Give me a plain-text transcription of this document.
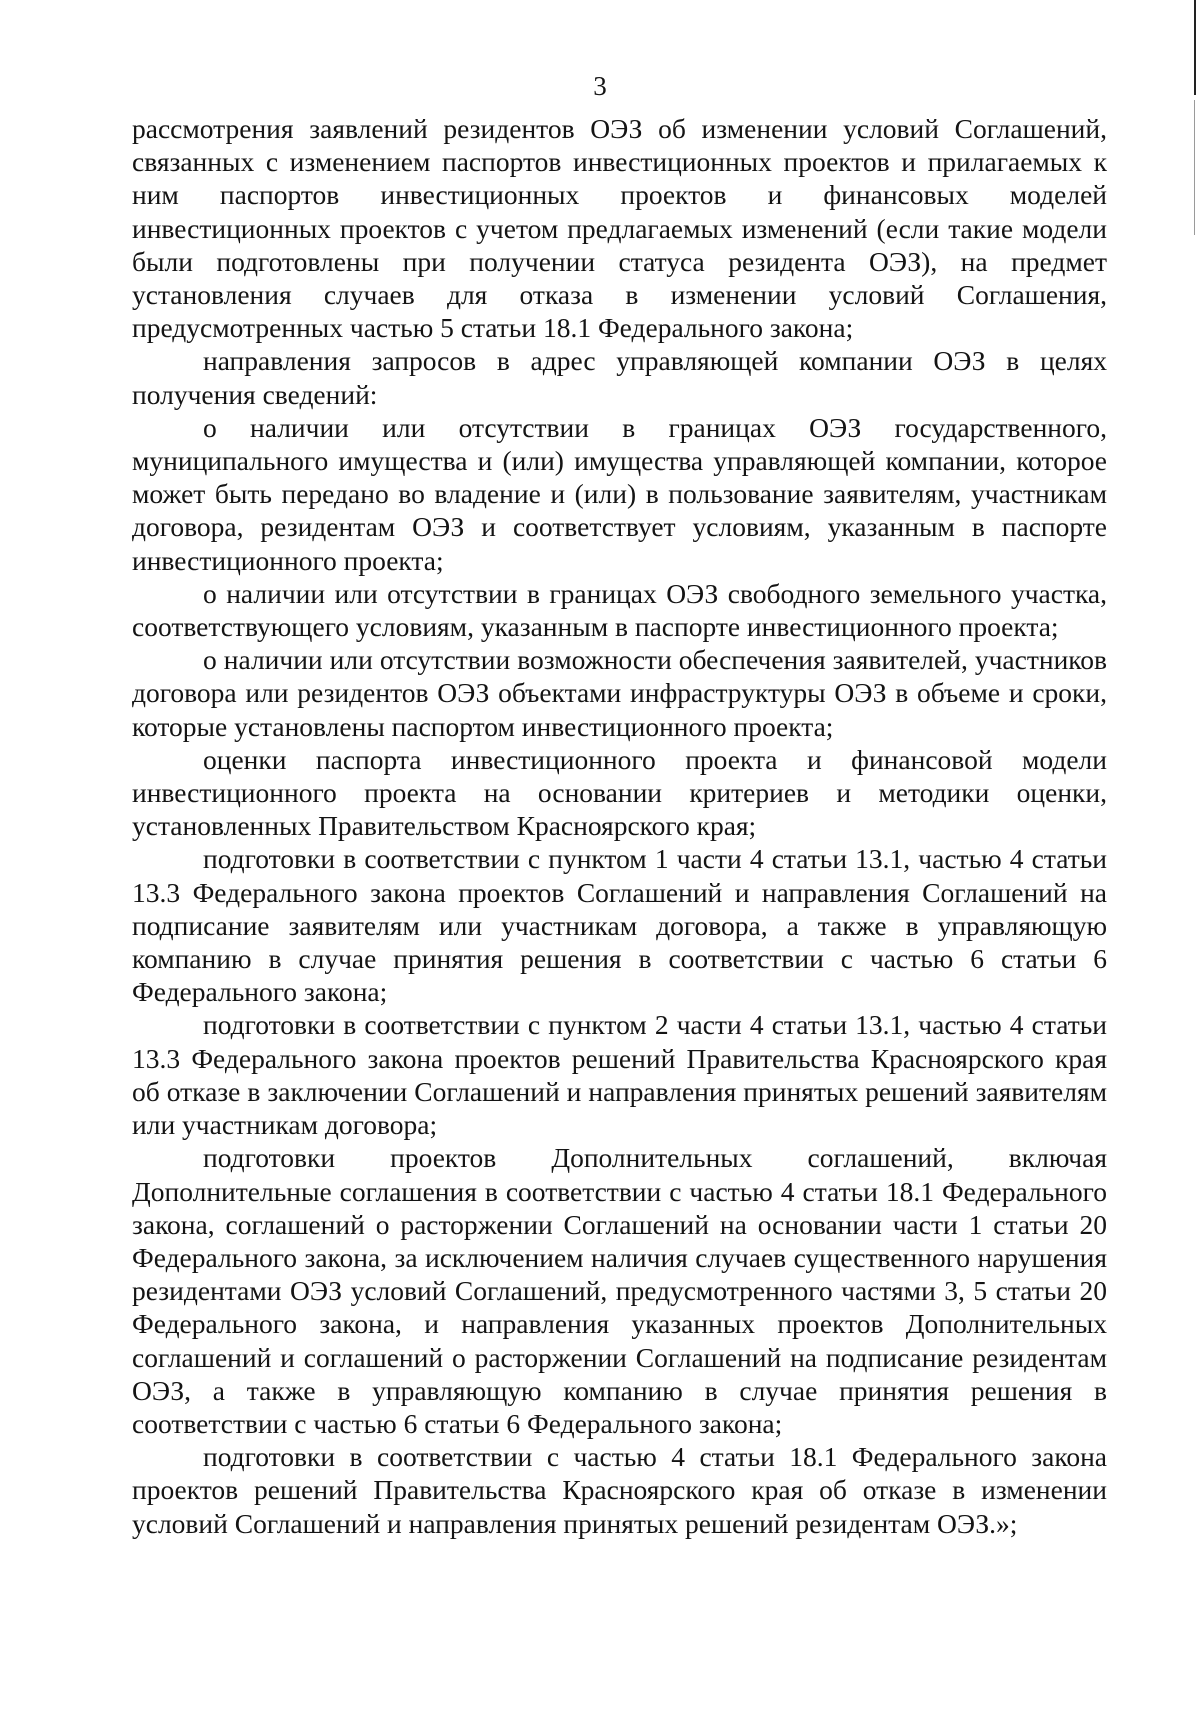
3

рассмотрения заявлений резидентов ОЭЗ об изменении условий Соглашений, связанных с изменением паспортов инвестиционных проектов и прилагаемых к ним паспортов инвестиционных проектов и финансовых моделей инвестиционных проектов с учетом предлагаемых изменений (если такие модели были подготовлены при получении статуса резидента ОЭЗ), на предмет установления случаев для отказа в изменении условий Соглашения, предусмотренных частью 5 статьи 18.1 Федерального закона;

направления запросов в адрес управляющей компании ОЭЗ в целях получения сведений:

о наличии или отсутствии в границах ОЭЗ государственного, муниципального имущества и (или) имущества управляющей компании, которое может быть передано во владение и (или) в пользование заявителям, участникам договора, резидентам ОЭЗ и соответствует условиям, указанным в паспорте инвестиционного проекта;

о наличии или отсутствии в границах ОЭЗ свободного земельного участка, соответствующего условиям, указанным в паспорте инвестиционного проекта;

о наличии или отсутствии возможности обеспечения заявителей, участников договора или резидентов ОЭЗ объектами инфраструктуры ОЭЗ в объеме и сроки, которые установлены паспортом инвестиционного проекта;

оценки паспорта инвестиционного проекта и финансовой модели инвестиционного проекта на основании критериев и методики оценки, установленных Правительством Красноярского края;

подготовки в соответствии с пунктом 1 части 4 статьи 13.1, частью 4 статьи 13.3 Федерального закона проектов Соглашений и направления Соглашений на подписание заявителям или участникам договора, а также в управляющую компанию в случае принятия решения в соответствии с частью 6 статьи 6 Федерального закона;

подготовки в соответствии с пунктом 2 части 4 статьи 13.1, частью 4 статьи 13.3 Федерального закона проектов решений Правительства Красноярского края об отказе в заключении Соглашений и направления принятых решений заявителям или участникам договора;

подготовки проектов Дополнительных соглашений, включая Дополнительные соглашения в соответствии с частью 4 статьи 18.1 Федерального закона, соглашений о расторжении Соглашений на основании части 1 статьи 20 Федерального закона, за исключением наличия случаев существенного нарушения резидентами ОЭЗ условий Соглашений, предусмотренного частями 3, 5 статьи 20 Федерального закона, и направления указанных проектов Дополнительных соглашений и соглашений о расторжении Соглашений на подписание резидентам ОЭЗ, а также в управляющую компанию в случае принятия решения в соответствии с частью 6 статьи 6 Федерального закона;

подготовки в соответствии с частью 4 статьи 18.1 Федерального закона проектов решений Правительства Красноярского края об отказе в изменении условий Соглашений и направления принятых решений резидентам ОЭЗ.»;
